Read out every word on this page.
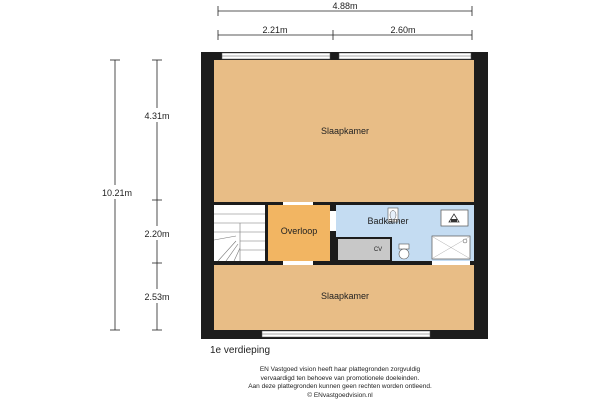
4.88m
2.21m	2.60m
10.21m
4.31m
2.20m
2.53m
Slaapkamer
Overloop
Badkamer
CV
Slaapkamer
1e verdieping
EN Vastgoed vision heeft haar plattegronden zorgvuldig
vervaardigd ten behoeve van promotionele doeleinden.
Aan deze plattegronden kunnen geen rechten worden ontleend.
© ENvastgoedvision.nl
